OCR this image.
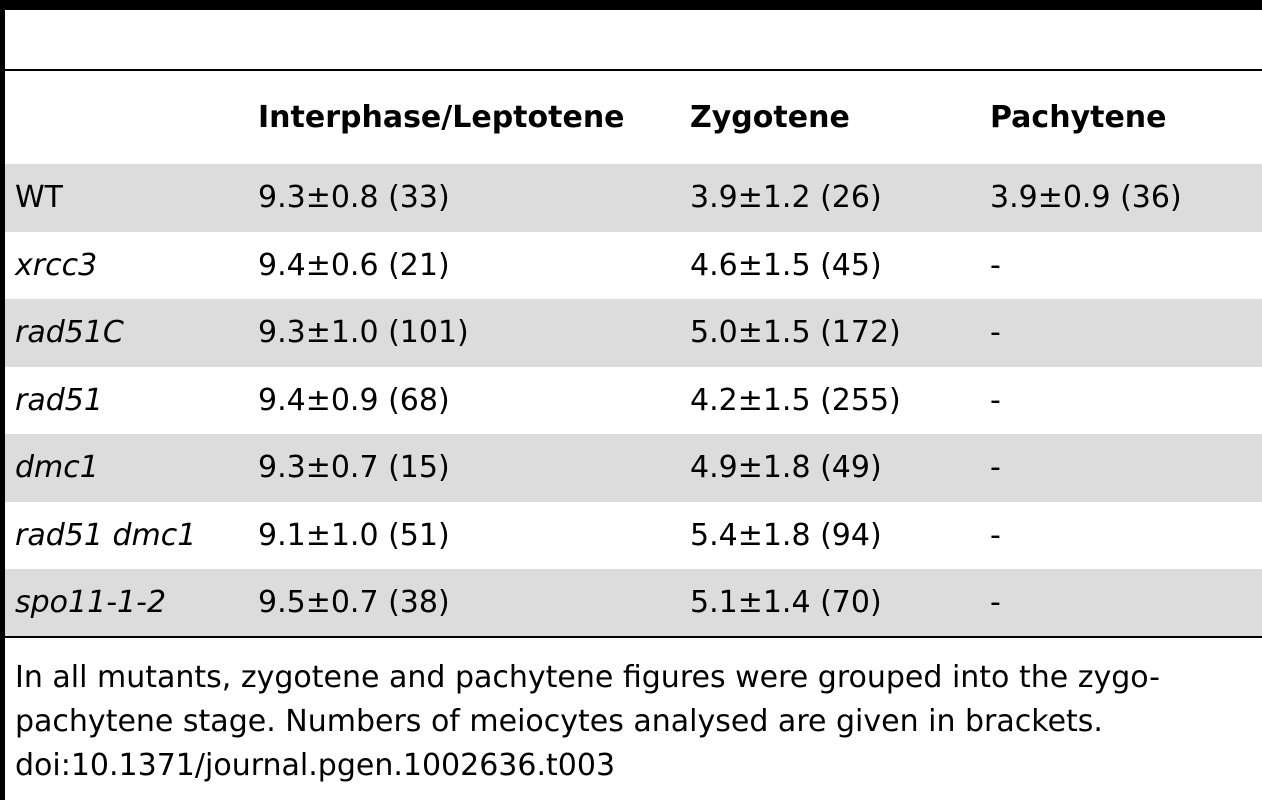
	Interphase/Leptotene	Zygotene	Pachytene
WT	9.3±0.8 (33)	3.9±1.2 (26)	3.9±0.9 (36)
xrcc3	9.4±0.6 (21)	4.6±1.5 (45)	-
rad51C	9.3±1.0 (101)	5.0±1.5 (172)	-
rad51	9.4±0.9 (68)	4.2±1.5 (255)	-
dmc1	9.3±0.7 (15)	4.9±1.8 (49)	-
rad51 dmc1	9.1±1.0 (51)	5.4±1.8 (94)	-
spo11-1-2	9.5±0.7 (38)	5.1±1.4 (70)	-
In all mutants, zygotene and pachytene figures were grouped into the zygo-
pachytene stage. Numbers of meiocytes analysed are given in brackets.
doi:10.1371/journal.pgen.1002636.t003
